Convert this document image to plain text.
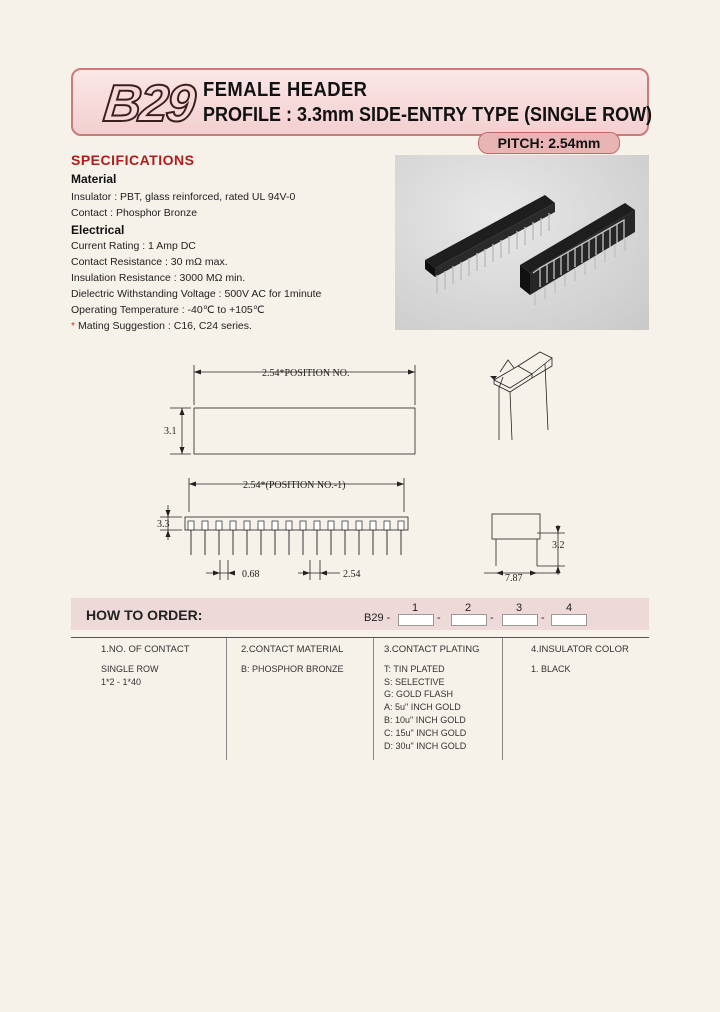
B29 FEMALE HEADER
PROFILE : 3.3mm SIDE-ENTRY TYPE (SINGLE ROW)
PITCH: 2.54mm
SPECIFICATIONS
Material
Insulator : PBT, glass reinforced, rated UL 94V-0
Contact : Phosphor Bronze
Electrical
Current Rating : 1 Amp DC
Contact Resistance : 30 mΩ max.
Insulation Resistance : 3000 MΩ min.
Dielectric Withstanding Voltage : 500V AC for 1minute
Operating Temperature : -40℃ to +105℃
* Mating Suggestion : C16, C24 series.
2.54*POSITION NO.
3.1
2.54*(POSITION NO.-1)
3.3
0.68	2.54
3.2
7.87
HOW TO ORDER:	B29 -
1
-
2
-
3
-
4
1.NO. OF CONTACT
SINGLE ROW
1*2 - 1*40
2.CONTACT MATERIAL
B: PHOSPHOR BRONZE
3.CONTACT PLATING
T: TIN PLATED
S: SELECTIVE
G: GOLD FLASH
A: 5u" INCH GOLD
B: 10u" INCH GOLD
C: 15u" INCH GOLD
D: 30u" INCH GOLD
4.INSULATOR COLOR
1. BLACK
